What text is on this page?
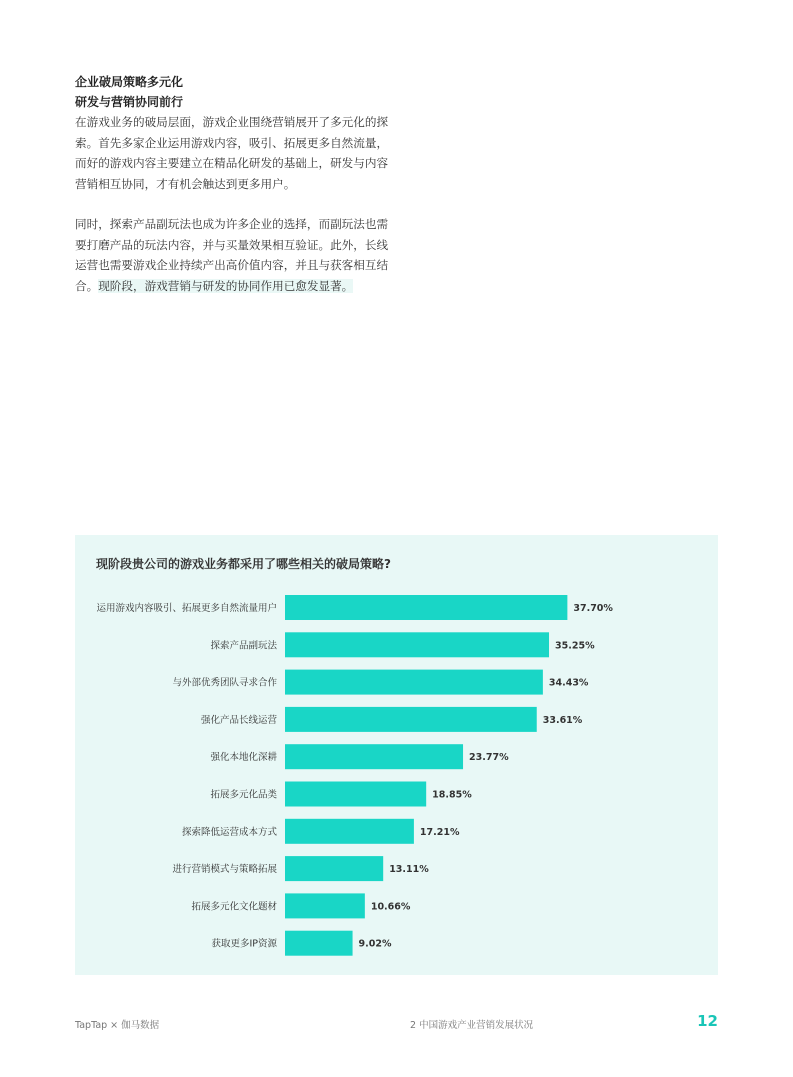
企业破局策略多元化

研发与营销协同前行

在游戏业务的破局层面，游戏企业围绕营销展开了多元化的探索。首先多家企业运用游戏内容，吸引、拓展更多自然流量，而好的游戏内容主要建立在精品化研发的基础上，研发与内容营销相互协同，才有机会触达到更多用户。

同时，探索产品副玩法也成为许多企业的选择，而副玩法也需要打磨产品的玩法内容，并与买量效果相互验证。此外，长线运营也需要游戏企业持续产出高价值内容，并且与获客相互结合。现阶段，游戏营销与研发的协同作用已愈发显著。

现阶段贵公司的游戏业务都采用了哪些相关的破局策略?

运用游戏内容吸引、拓展更多自然流量用户	37.70%
探索产品副玩法	35.25%
与外部优秀团队寻求合作	34.43%
强化产品长线运营	33.61%
强化本地化深耕	23.77%
拓展多元化品类	18.85%
探索降低运营成本方式	17.21%
进行营销模式与策略拓展	13.11%
拓展多元化文化题材	10.66%
获取更多IP资源	9.02%
TapTap × 伽马数据	2 中国游戏产业营销发展状况	12
